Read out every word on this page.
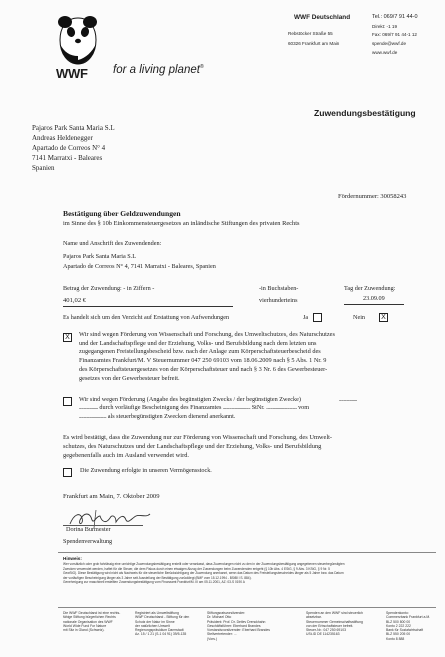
WWF for a living planet®
WWF Deutschland
Rebstöcker Straße 55
60326 Frankfurt am Main
Tel.: 069/7 91 44-0
Direkt: -1 19
Fax: 069/7 91 44-1 12
spende@wwf.de
www.wwf.de
Zuwendungsbestätigung
Pajaros Park Santa Maria S.L
Andreas Heldenegger
Apartado de Correos N° 4
7141 Marratxi - Baleares
Spanien
Fördernummer: 30058243
Bestätigung über Geldzuwendungen
im Sinne des § 10b Einkommensteuergesetzes an inländische Stiftungen des privaten Rechts
Name und Anschrift des Zuwendenden:
Pajaros Park Santa Maria S.L
Apartado de Correos N° 4, 7141 Marratxi - Baleares, Spanien
Betrag der Zuwendung: - in Ziffern -
401,02 €
-in Buchstaben-
vierhunderteins
Tag der Zuwendung:
23.09.09
Es handelt sich um den Verzicht auf Erstattung von Aufwendungen	Ja	Nein	X
X	Wir sind wegen Förderung von Wissenschaft und Forschung, des Umweltschutzes, des Naturschutzes
und der Landschaftspflege und der Erziehung, Volks- und Berufsbildung nach dem letzten uns
zugegangenen Freistellungsbescheid bzw. nach der Anlage zum Körperschaftsteuerbescheid des
Finanzamtes Frankfurt/M. V Steuernummer 047 250 69103 vom 18.06.2009 nach § 5 Abs. 1 Nr. 9
des Körperschaftsteuergesetzes von der Körperschaftsteuer und nach § 3 Nr. 6 des Gewerbesteuer-
gesetzes von der Gewerbesteuer befreit.
Wir sind wegen Förderung (Angabe des begünstigten Zwecks / der begünstigten Zwecke)	.................
.................. durch vorläufige Bescheinigung des Finanzamtes .......................... StNr. ............................. vom
.......................... als steuerbegünstigten Zwecken dienend anerkannt.
Es wird bestätigt, dass die Zuwendung nur zur Förderung von Wissenschaft und Forschung, des Umwelt-
schutzes, des Naturschutzes und der Landschaftspflege und der Erziehung, Volks- und Berufsbildung
gegebenenfalls auch im Ausland verwendet wird.
Die Zuwendung erfolgte in unseren Vermögensstock.
Frankfurt am Main, 7. Oktober 2009
Dorina Burmester
Spendenverwaltung
Hinweis:
Wer vorsätzlich oder grob fahrlässig eine unrichtige Zuwendungsbestätigung erstellt oder veranlasst, dass Zuwendungen nicht zu den in der Zuwendungsbestätigung angegebenen steuerbegünstigten
Zwecken verwendet werden, haftet für die Steuer, die dem Fiskus durch einen etwaigen Abzug der Zuwendungen beim Zuwendenden entgeht (§ 10b Abs. 4 EStG, § 9 Abs. 3 KStG, § 9 Nr. 5
GewStG). Diese Bestätigung wird nicht als Nachweis für die steuerliche Berücksichtigung der Zuwendung anerkannt, wenn das Datum des Freistellungsbescheides länger als 5 Jahre bzw. das Datum
der vorläufigen Bescheinigung länger als 3 Jahre seit Ausstellung der Bestätigung zurückliegt (BMF vom 15.12.1994 - BStBl I S. 884).
Genehmigung zur maschinell erstellten Zuwendungsbestätigung vom Finanzamt Frankfurt/M. III am 05.11.2001, AZ: 03-S 0190 A
Die WWF Deutschland ist eine rechts-
fähige Stiftung bürgerlichen Rechts
nationale Organisation des WWF
World Wide Fund For Nature
mit Sitz in Gland (Schweiz).
Registriert als Umweltstiftung
WWF Deutschland - Stiftung für den
Schutz der Natur im Sinne
der natürlichen Umwelt
Regierungspräsidium Darmstadt
Az. 15 / 1 21 (S-1 04 91) 39/5-135
Stiftungsratsvorsitzender:
Dr. Michael Otto
Präsident: Prof. Dr. Detlev Drenckhahn
Geschäftsführer: Eberhard Brandes
Vorstandsvorsitzender: Eberhard Brandes
Stellvertretender: ...
(Vors.)
Spenden an den WWF sind steuerlich
absetzbar.
Steuernummer Gemeinschaftsstiftung
von der Erbschaftsteuer befreit.
Steuer-Nr.: 047 250 69103
USt-ID DE 114235163
Spendenkonto:
Commerzbank Frankfurt a.M.
BLZ 500 800 00
Konto 2 222 222
Bank für Sozialwirtschaft
BLZ 550 205 00
Konto 8 888
